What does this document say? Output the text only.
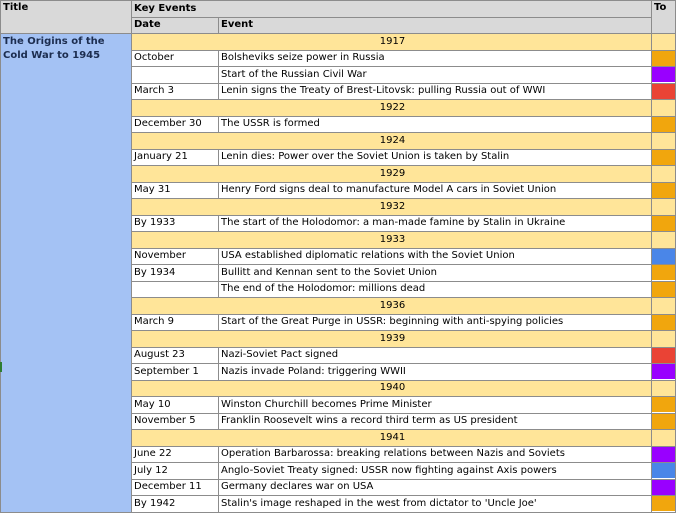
Title	Key Events		To
	Date	Event	
The Origins of the Cold War to 1945	1917		
	October	Bolsheviks seize power in Russia	

		Start of the Russian Civil War	

	March 3	Lenin signs the Treaty of Brest-Litovsk: pulling Russia out of WWI	

	1922		
	December 30	The USSR is formed	

	1924		
	January 21	Lenin dies: Power over the Soviet Union is taken by Stalin	

	1929		
	May 31	Henry Ford signs deal to manufacture Model A cars in Soviet Union	

	1932		
	By 1933	The start of the Holodomor: a man-made famine by Stalin in Ukraine	

	1933		
	November	USA established diplomatic relations with the Soviet Union	

	By 1934	Bullitt and Kennan sent to the Soviet Union	

		The end of the Holodomor: millions dead	

	1936		
	March 9	Start of the Great Purge in USSR: beginning with anti-spying policies	

	1939		
	August 23	Nazi-Soviet Pact signed	

	September 1	Nazis invade Poland: triggering WWII	

	1940		
	May 10	Winston Churchill becomes Prime Minister	

	November 5	Franklin Roosevelt wins a record third term as US president	

	1941		
	June 22	Operation Barbarossa: breaking relations between Nazis and Soviets	

	July 12	Anglo-Soviet Treaty signed: USSR now fighting against Axis powers	

	December 11	Germany declares war on USA	

	By 1942	Stalin's image reshaped in the west from dictator to 'Uncle Joe'	
